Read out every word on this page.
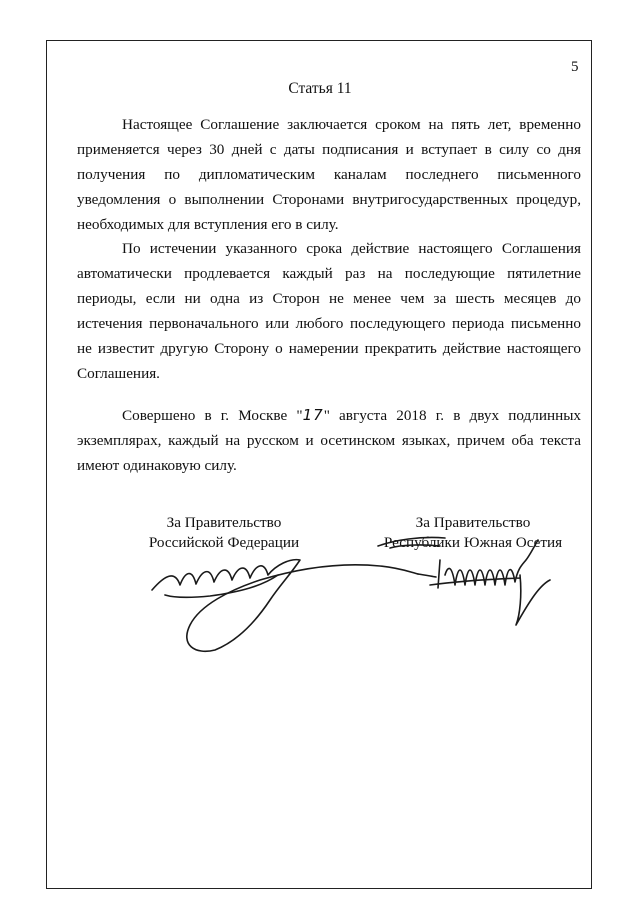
5
Статья 11

Настоящее Соглашение заключается сроком на пять лет, временно применяется через 30 дней с даты подписания и вступает в силу со дня получения по дипломатическим каналам последнего письменного уведомления о выполнении Сторонами внутригосударственных процедур, необходимых для вступления его в силу.

По истечении указанного срока действие настоящего Соглашения автоматически продлевается каждый раз на последующие пятилетние периоды, если ни одна из Сторон не менее чем за шесть месяцев до истечения первоначального или любого последующего периода письменно не известит другую Сторону о намерении прекратить действие настоящего Соглашения.

Совершено в г. Москве "17" августа 2018 г. в двух подлинных экземплярах, каждый на русском и осетинском языках, причем оба текста имеют одинаковую силу.

За Правительство
Российской Федерации
За Правительство
Республики Южная Осетия
